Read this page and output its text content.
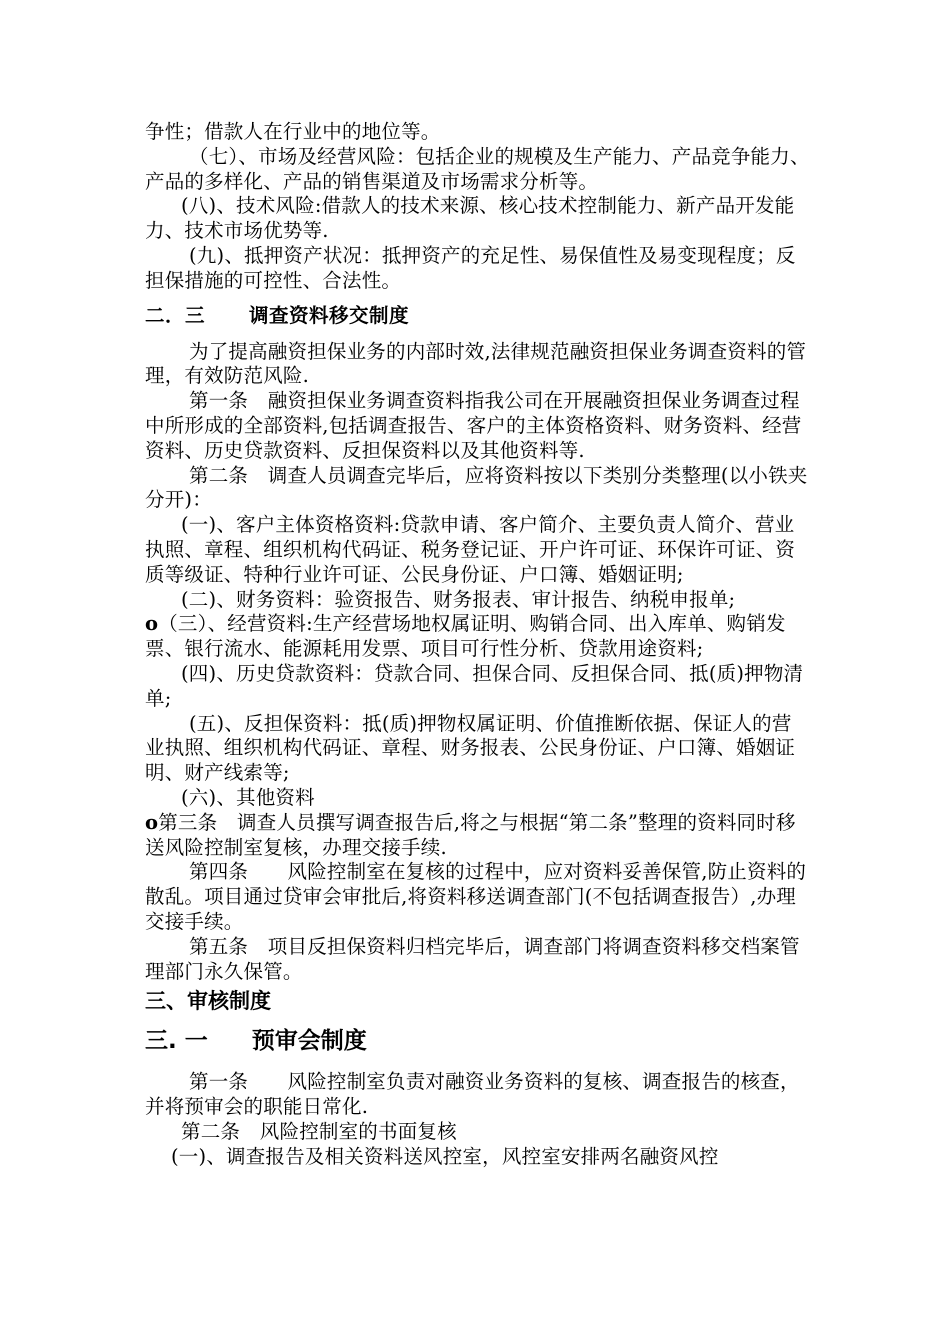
争性；借款人在行业中的地位等。

（七）、市场及经营风险：包括企业的规模及生产能力、产品竞争能力、产品的多样化、产品的销售渠道及市场需求分析等。

(八)、技术风险:借款人的技术来源、核心技术控制能力、新产品开发能力、技术市场优势等.

(九)、抵押资产状况：抵押资产的充足性、易保值性及易变现程度；反担保措施的可控性、合法性。

二．三 调查资料移交制度

为了提高融资担保业务的内部时效,法律规范融资担保业务调查资料的管理，有效防范风险.

第一条　融资担保业务调查资料指我公司在开展融资担保业务调查过程中所形成的全部资料,包括调查报告、客户的主体资格资料、财务资料、经营资料、历史贷款资料、反担保资料以及其他资料等.

第二条　调查人员调查完毕后，应将资料按以下类别分类整理(以小铁夹分开)：

(一)、客户主体资格资料:贷款申请、客户简介、主要负责人简介、营业执照、章程、组织机构代码证、税务登记证、开户许可证、环保许可证、资质等级证、特种行业许可证、公民身份证、户口簿、婚姻证明;

(二)、财务资料：验资报告、财务报表、审计报告、纳税申报单;

o（三）、经营资料:生产经营场地权属证明、购销合同、出入库单、购销发票、银行流水、能源耗用发票、项目可行性分析、贷款用途资料;

(四)、历史贷款资料：贷款合同、担保合同、反担保合同、抵(质)押物清单;

(五)、反担保资料：抵(质)押物权属证明、价值推断依据、保证人的营业执照、组织机构代码证、章程、财务报表、公民身份证、户口簿、婚姻证明、财产线索等;

(六)、其他资料

o第三条　调查人员撰写调查报告后,将之与根据“第二条”整理的资料同时移送风险控制室复核，办理交接手续.

第四条　　风险控制室在复核的过程中，应对资料妥善保管,防止资料的散乱。项目通过贷审会审批后,将资料移送调查部门(不包括调查报告）,办理交接手续。

第五条　项目反担保资料归档完毕后，调查部门将调查资料移交档案管理部门永久保管。

三、审核制度
三. 一 预审会制度

第一条　　风险控制室负责对融资业务资料的复核、调查报告的核查，并将预审会的职能日常化.

第二条　风险控制室的书面复核

(一)、调查报告及相关资料送风控室，风控室安排两名融资风控
